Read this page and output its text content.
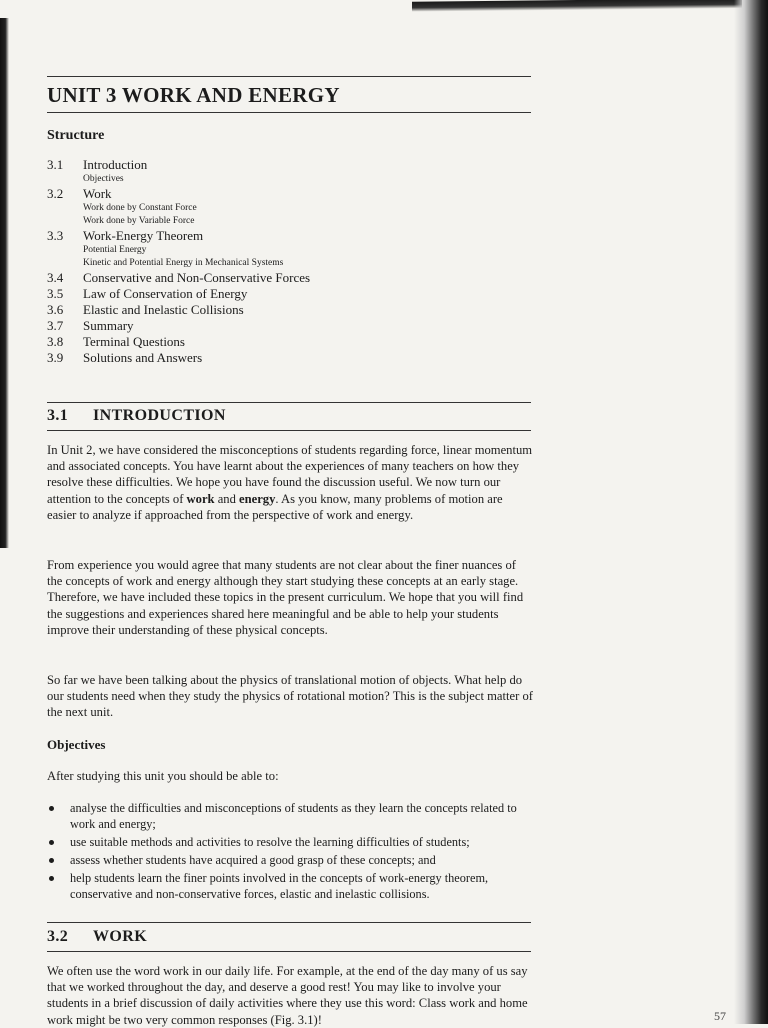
UNIT 3 WORK AND ENERGY
Structure
3.1 Introduction
Objectives
3.2 Work
Work done by Constant Force
Work done by Variable Force
3.3 Work-Energy Theorem
Potential Energy
Kinetic and Potential Energy in Mechanical Systems
3.4 Conservative and Non-Conservative Forces
3.5 Law of Conservation of Energy
3.6 Elastic and Inelastic Collisions
3.7 Summary
3.8 Terminal Questions
3.9 Solutions and Answers
3.1 INTRODUCTION

In Unit 2, we have considered the misconceptions of students regarding force, linear momentum and associated concepts. You have learnt about the experiences of many teachers on how they resolve these difficulties. We hope you have found the discussion useful. We now turn our attention to the concepts of work and energy. As you know, many problems of motion are easier to analyze if approached from the perspective of work and energy.

From experience you would agree that many students are not clear about the finer nuances of the concepts of work and energy although they start studying these concepts at an early stage. Therefore, we have included these topics in the present curriculum. We hope that you will find the suggestions and experiences shared here meaningful and be able to help your students improve their understanding of these physical concepts.

So far we have been talking about the physics of translational motion of objects. What help do our students need when they study the physics of rotational motion? This is the subject matter of the next unit.

Objectives

After studying this unit you should be able to:

analyse the difficulties and misconceptions of students as they learn the concepts related to work and energy;
use suitable methods and activities to resolve the learning difficulties of students;
assess whether students have acquired a good grasp of these concepts; and
help students learn the finer points involved in the concepts of work-energy theorem, conservative and non-conservative forces, elastic and inelastic collisions.
3.2 WORK

We often use the word work in our daily life. For example, at the end of the day many of us say that we worked throughout the day, and deserve a good rest! You may like to involve your students in a brief discussion of daily activities where they use this word: Class work and home work might be two very common responses (Fig. 3.1)!	57
